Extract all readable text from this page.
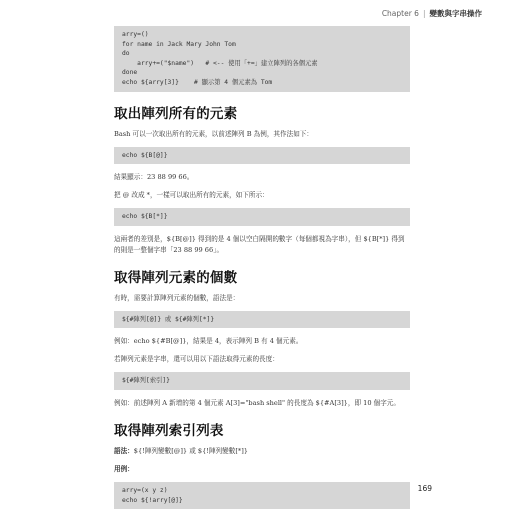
Chapter 6 | 變數與字串操作
arry=()
for name in Jack Mary John Tom
do
arry+=("$name")   # <-- 使用「+=」建立陣列的各個元素
done
echo ${arry[3]}    # 顯示第 4 個元素為 Tom
取出陣列所有的元素

Bash 可以一次取出所有的元素，以前述陣列 B 為例，其作法如下：

echo ${B[@]}

結果顯示：23 88 99 66。

把 @ 改成 *，一樣可以取出所有的元素，如下所示：

echo ${B[*]}

這兩者的差別是，${B[@]} 得到的是 4 個以空白隔開的數字（每個都視為字串），但 ${B[*]} 得到的則是一整個字串「23 88 99 66」。

取得陣列元素的個數

有時，需要計算陣列元素的個數，語法是：

${#陣列[@]} 或 ${#陣列[*]}

例如：echo ${#B[@]}，結果是 4，表示陣列 B 有 4 個元素。

若陣列元素是字串，還可以用以下語法取得元素的長度：

${#陣列[索引]}

例如：前述陣列 A 新增的第 4 個元素 A[3]="bash shell" 的長度為 ${#A[3]}，即 10 個字元。

取得陣列索引列表

語法：${!陣列變數[@]} 或 ${!陣列變數[*]}

用例：

arry=(x y z)
echo ${!arry[@]}
169
